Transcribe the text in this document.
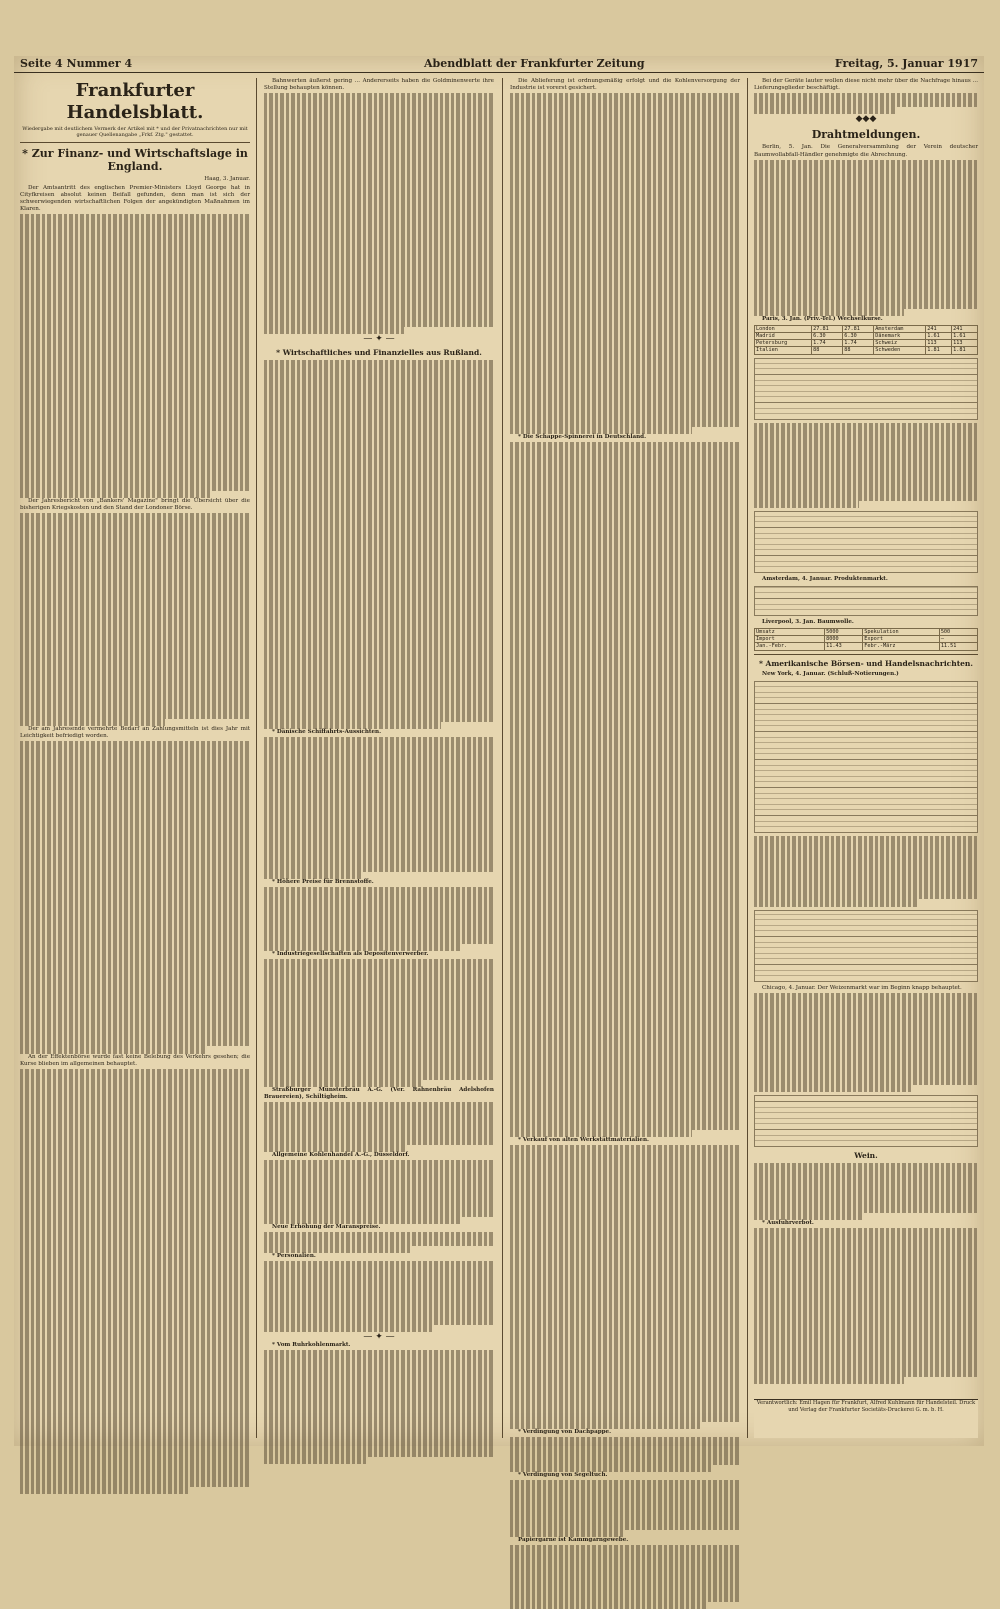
Seite 4 Nummer 4	Abendblatt der Frankfurter Zeitung	Freitag, 5. Januar 1917
Frankfurter Handelsblatt.
Wiedergabe mit deutlichem Vermerk der Artikel mit * und der Privatnachrichten nur mit genauer Quellenangabe „Frkf. Ztg." gestattet.
* Zur Finanz- und Wirtschaftslage in England.
Haag, 3. Januar.

Der Amtsantritt des englischen Premier-Ministers Lloyd George hat in Cityfkreisen absolut keinen Beifall gefunden, denn man ist sich der schwerwiegenden wirtschaftlichen Folgen der angekündigten Maßnahmen im Klaren.

Der Jahresbericht von „Bankers' Magazine" bringt die Übersicht über die bisherigen Kriegskosten und den Stand der Londoner Börse.

Der am Jahresende vermehrte Bedarf an Zahlungsmitteln ist dies Jahr mit Leichtigkeit befriedigt worden.

An der Effektenbörse wurde fast keine Belebung des Verkehrs gesehen; die Kurse blieben im allgemeinen behauptet.

Bahnwerten äußerst gering ... Andererseits haben die Goldminenwerte ihre Stellung behaupten können.

— ✦ —
* Wirtschaftliches und Finanzielles aus Rußland.

* Dänische Schiffahrts-Aussichten.

* Höhere Preise für Brennstoffe.

* Industriegesellschaften als Depositenverwerber.

Straßburger Münsterbräu A.-G. (Ver. Rahnenbräu Adelshofen Brauereien), Schiltigheim.

Allgemeine Kohlenhandel A.-G., Düsseldorf.

Neue Erhöhung der Maranspreise.

* Personalien.

— ✦ —

* Vom Ruhrkohlenmarkt.

Die Ablieferung ist ordnungsmäßig erfolgt und die Kohlenversorgung der Industrie ist vorerst gesichert.

* Die Schappe-Spinnerei in Deutschland.

* Verkauf von alten Werkstättmaterialien.

* Verdingung von Dachpappe.

* Verdingung von Segeltuch.

Papiergarne ist Kammgarngewebe.

Bei der Geräte lauter wollen diese nicht mehr über die Nachfrage hinaus ... Lieferungsglieder beschäftigt.

◆◆◆
Drahtmeldungen.

Berlin, 5. Jan. Die Generalversammlung der Verein deutscher Baumwollabfall-Händler genehmigte die Abrechnung.

Paris, 3. Jan. (Priv.-Tel.) Wechselkurse.

London	27.81	27.81	Amsterdam	241	241
Madrid	6.30	6.30	Dänemark	1.61	1.61
Petersburg	1.74	1.74	Schweiz	113	113
Italien	88	88	Schweden	1.81	1.81

Amsterdam, 4. Januar. Produktenmarkt.

Liverpool, 3. Jan. Baumwolle.

Umsatz	5000	Spekulation	500
Import	8000	Export	—
Jan.-Febr.	11.43	Febr.-März	11.51
* Amerikanische Börsen- und Handelsnachrichten.

New York, 4. Januar. (Schluß-Notierungen.)

Chicago, 4. Januar. Der Weizenmarkt war im Beginn knapp behauptet.

Wein.

* Ausfuhrverbot.

Verantwortlich: Emil Hagen für Frankfurt, Alfred Kuhlmann für Handelsteil. Druck und Verlag der Frankfurter Societäts-Druckerei G. m. b. H.
